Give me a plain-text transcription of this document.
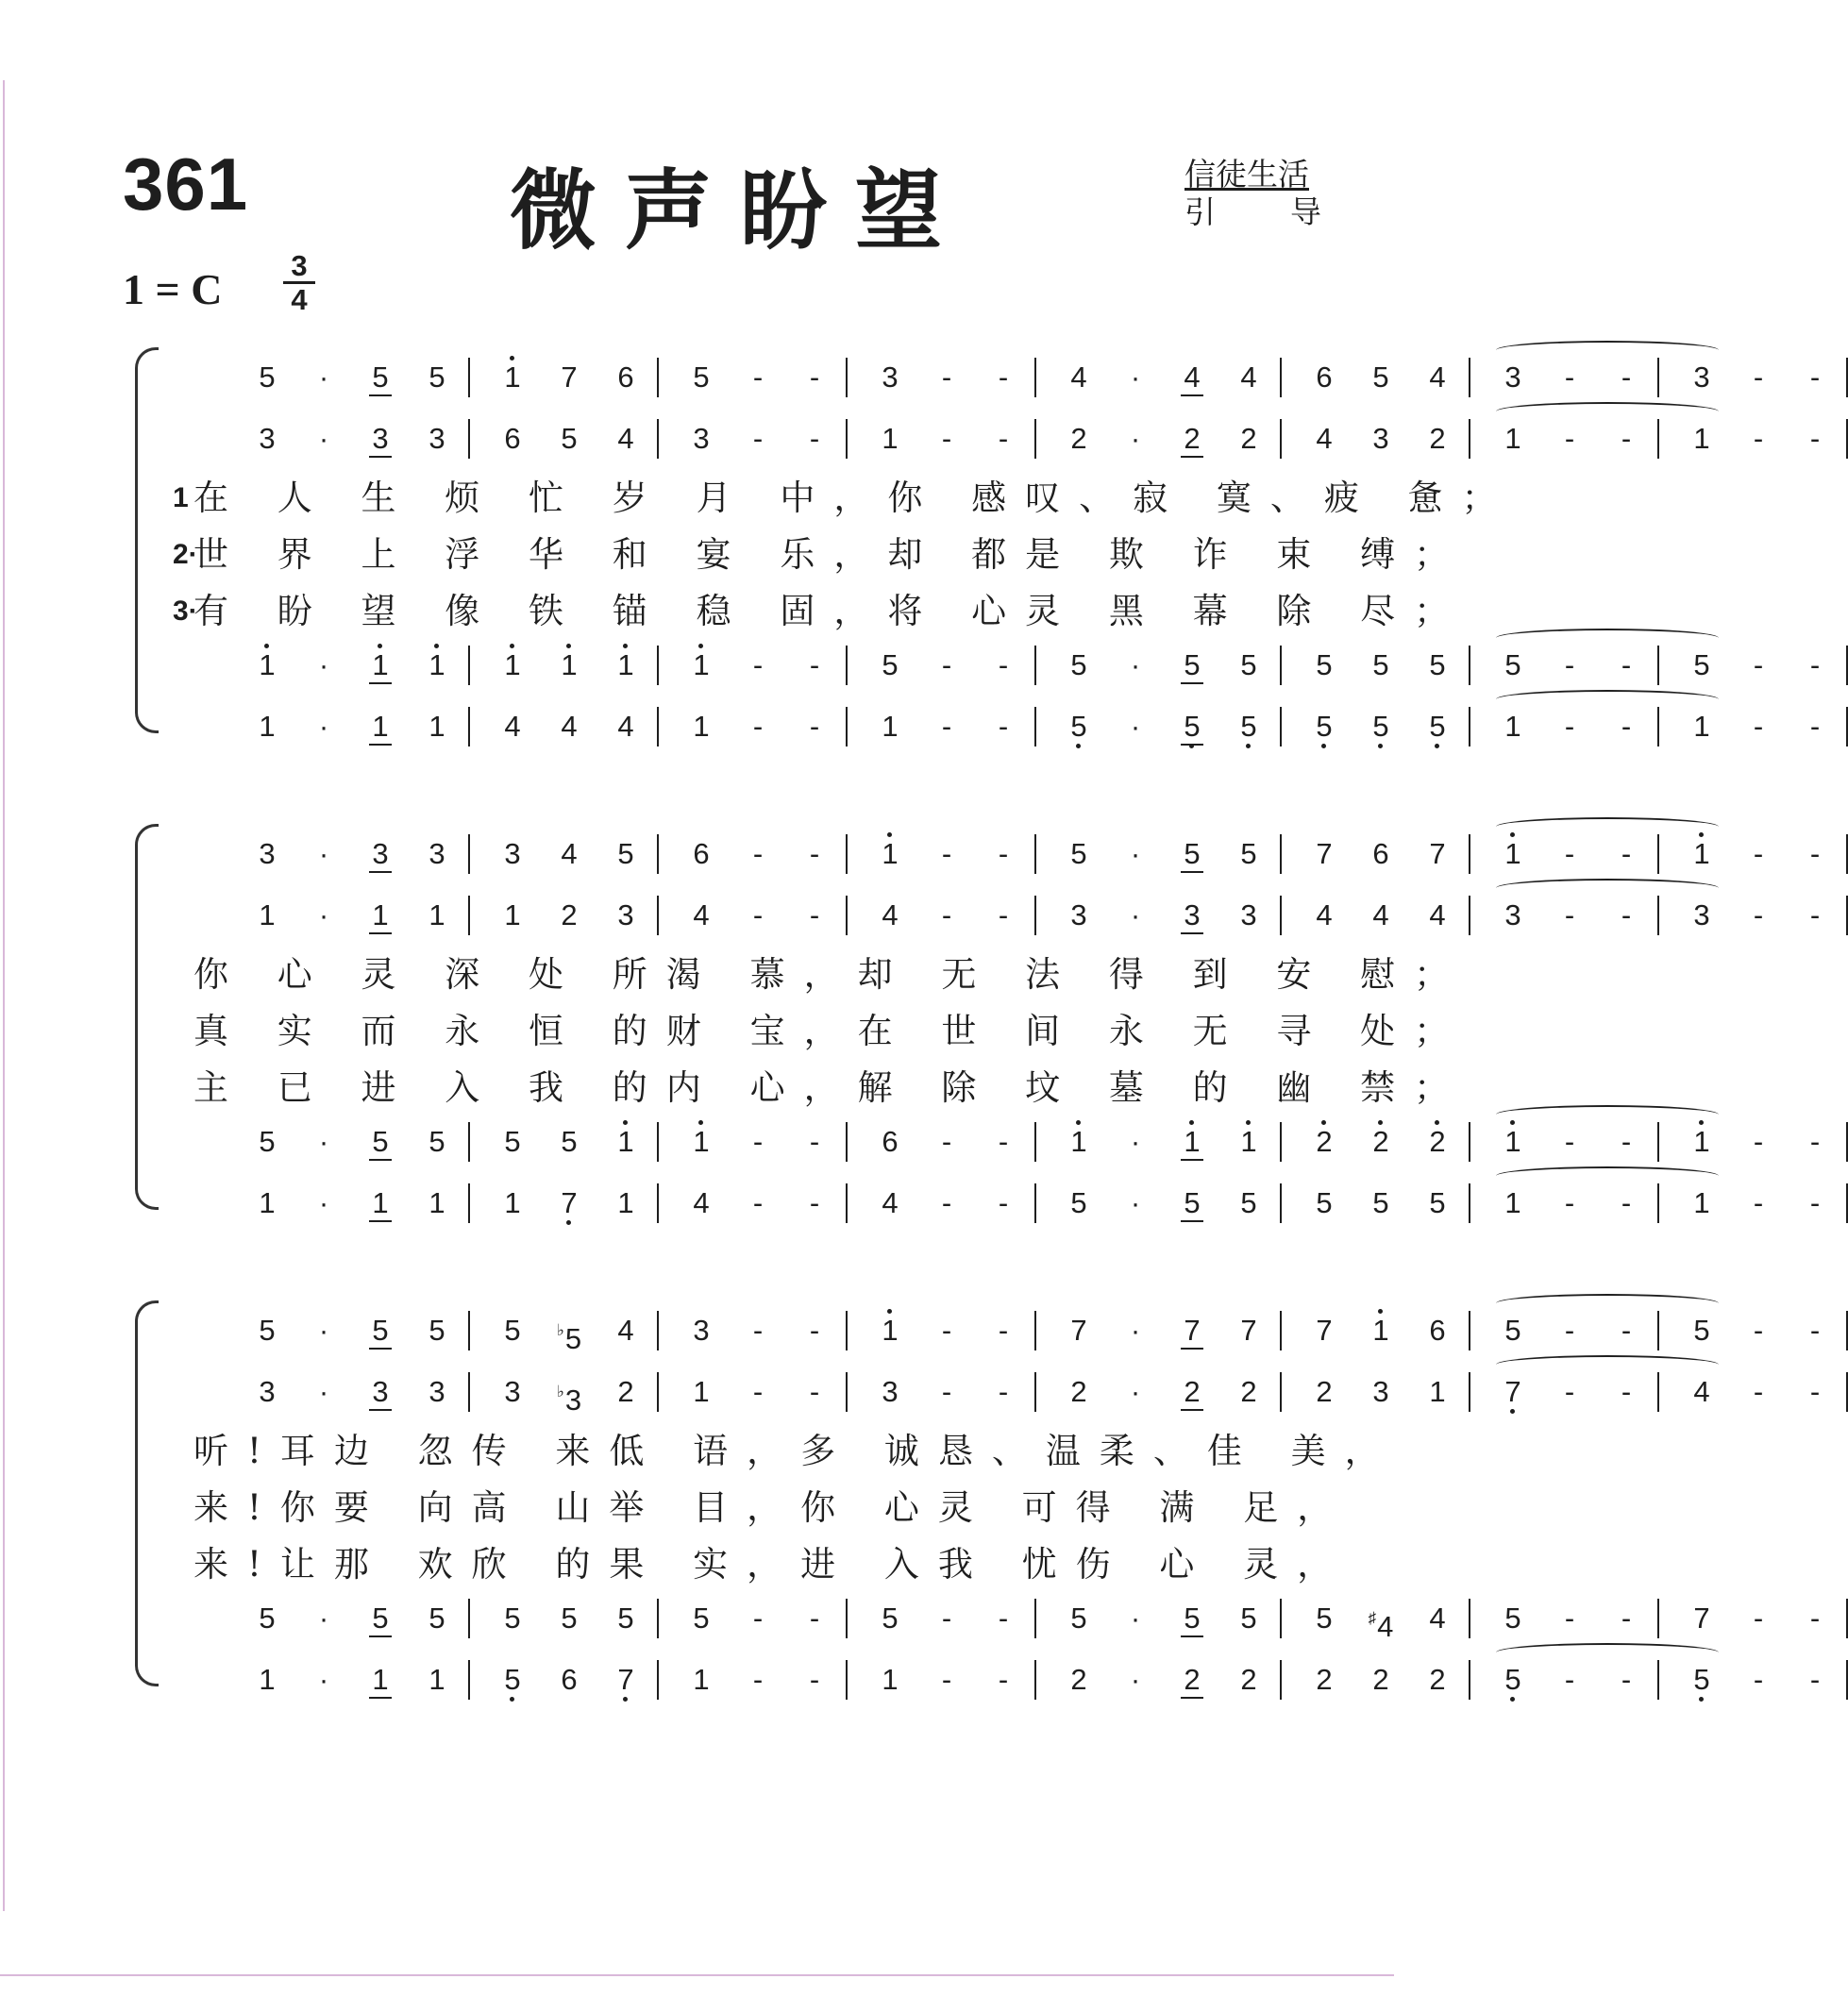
361	微声盼望	信徒生活
引 导
1 = C 3
4
5	·	5	5	1	7	6	5	-	-	3	-	-	4	·	4	4	6	5	4	3	-	-	3	-	-
3	·	3	3	6	5	4	3	-	-	1	-	-	2	·	2	2	4	3	2	1	-	-	1	-	-
1 在 人 生 烦 忙 岁 月 中，你 感叹、寂 寞、疲 惫；
2·
世 界 上 浮 华 和 宴 乐，却 都是 欺 诈 束 缚；
3·
有 盼 望 像 铁 锚 稳 固，将 心灵 黑 幕 除 尽；
1	·	1	1	1	1	1	1	-	-	5	-	-	5	·	5	5	5	5	5	5	-	-	5	-	-
1	·	1	1	4	4	4	1	-	-	1	-	-	5	·	5	5	5	5	5	1	-	-	1	-	-
3	·	3	3	3	4	5	6	-	-	1	-	-	5	·	5	5	7	6	7	1	-	-	1	-	-
1	·	1	1	1	2	3	4	-	-	4	-	-	3	·	3	3	4	4	4	3	-	-	3	-	-
你 心 灵 深 处 所渴 慕，却 无 法 得 到 安 慰；
真 实 而 永 恒 的财 宝，在 世 间 永 无 寻 处；
主 已 进 入 我 的内 心，解 除 坟 墓 的 幽 禁；
5	·	5	5	5	5	1	1	-	-	6	-	-	1	·	1	1	2	2	2	1	-	-	1	-	-
1	·	1	1	1	7	1	4	-	-	4	-	-	5	·	5	5	5	5	5	1	-	-	1	-	-
5	·	5	5	5	♭5	4	3	-	-	1	-	-	7	·	7	7	7	1	6	5	-	-	5	-	-
3	·	3	3	3	♭3	2	1	-	-	3	-	-	2	·	2	2	2	3	1	7	-	-	4	-	-
听!耳边 忽传 来低 语，多 诚恳、温柔、佳 美，
来!你要 向高 山举 目，你 心灵 可得 满 足，
来!让那 欢欣 的果 实，进 入我 忧伤 心 灵，
5	·	5	5	5	5	5	5	-	-	5	-	-	5	·	5	5	5	♯4	4	5	-	-	7	-	-
1	·	1	1	5	6	7	1	-	-	1	-	-	2	·	2	2	2	2	2	5	-	-	5	-	-
